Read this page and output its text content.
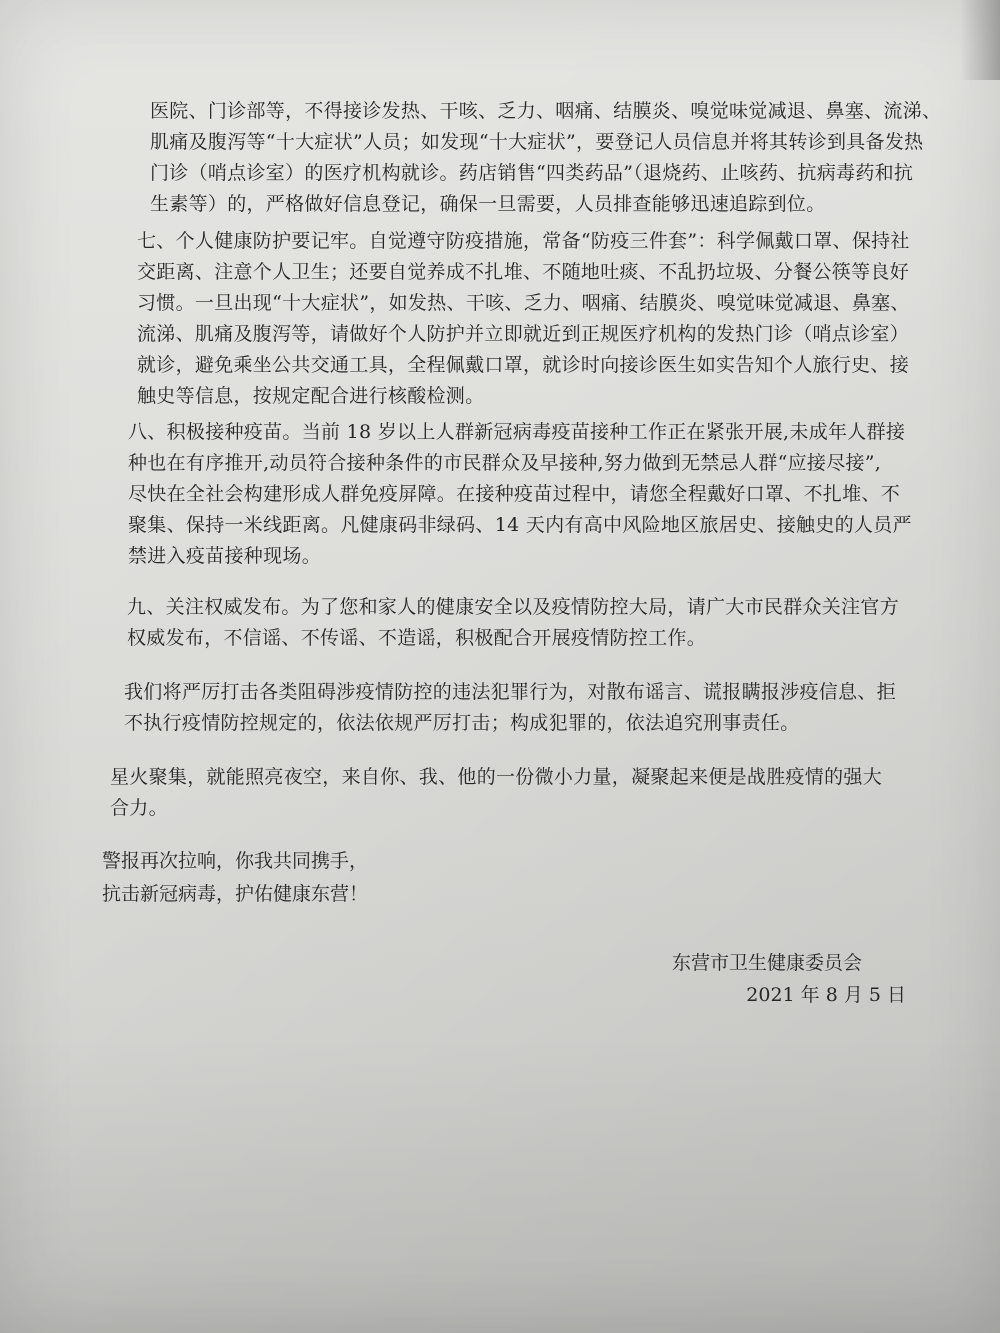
医院、门诊部等，不得接诊发热、干咳、乏力、咽痛、结膜炎、嗅觉味觉减退、鼻塞、流涕、
肌痛及腹泻等“十大症状”人员；如发现“十大症状”，要登记人员信息并将其转诊到具备发热
门诊（哨点诊室）的医疗机构就诊。药店销售“四类药品”（退烧药、止咳药、抗病毒药和抗
生素等）的，严格做好信息登记，确保一旦需要，人员排查能够迅速追踪到位。
七、个人健康防护要记牢。自觉遵守防疫措施，常备“防疫三件套”：科学佩戴口罩、保持社
交距离、注意个人卫生；还要自觉养成不扎堆、不随地吐痰、不乱扔垃圾、分餐公筷等良好
习惯。一旦出现“十大症状”，如发热、干咳、乏力、咽痛、结膜炎、嗅觉味觉减退、鼻塞、
流涕、肌痛及腹泻等，请做好个人防护并立即就近到正规医疗机构的发热门诊（哨点诊室）
就诊，避免乘坐公共交通工具，全程佩戴口罩，就诊时向接诊医生如实告知个人旅行史、接
触史等信息，按规定配合进行核酸检测。
八、积极接种疫苗。当前 18 岁以上人群新冠病毒疫苗接种工作正在紧张开展,未成年人群接
种也在有序推开,动员符合接种条件的市民群众及早接种,努力做到无禁忌人群“应接尽接”,
尽快在全社会构建形成人群免疫屏障。在接种疫苗过程中，请您全程戴好口罩、不扎堆、不
聚集、保持一米线距离。凡健康码非绿码、14 天内有高中风险地区旅居史、接触史的人员严
禁进入疫苗接种现场。
九、关注权威发布。为了您和家人的健康安全以及疫情防控大局，请广大市民群众关注官方
权威发布，不信谣、不传谣、不造谣，积极配合开展疫情防控工作。
我们将严厉打击各类阻碍涉疫情防控的违法犯罪行为，对散布谣言、谎报瞒报涉疫信息、拒
不执行疫情防控规定的，依法依规严厉打击；构成犯罪的，依法追究刑事责任。
星火聚集，就能照亮夜空，来自你、我、他的一份微小力量，凝聚起来便是战胜疫情的强大
合力。
警报再次拉响，你我共同携手，
抗击新冠病毒，护佑健康东营！
东营市卫生健康委员会
2021 年 8 月 5 日
